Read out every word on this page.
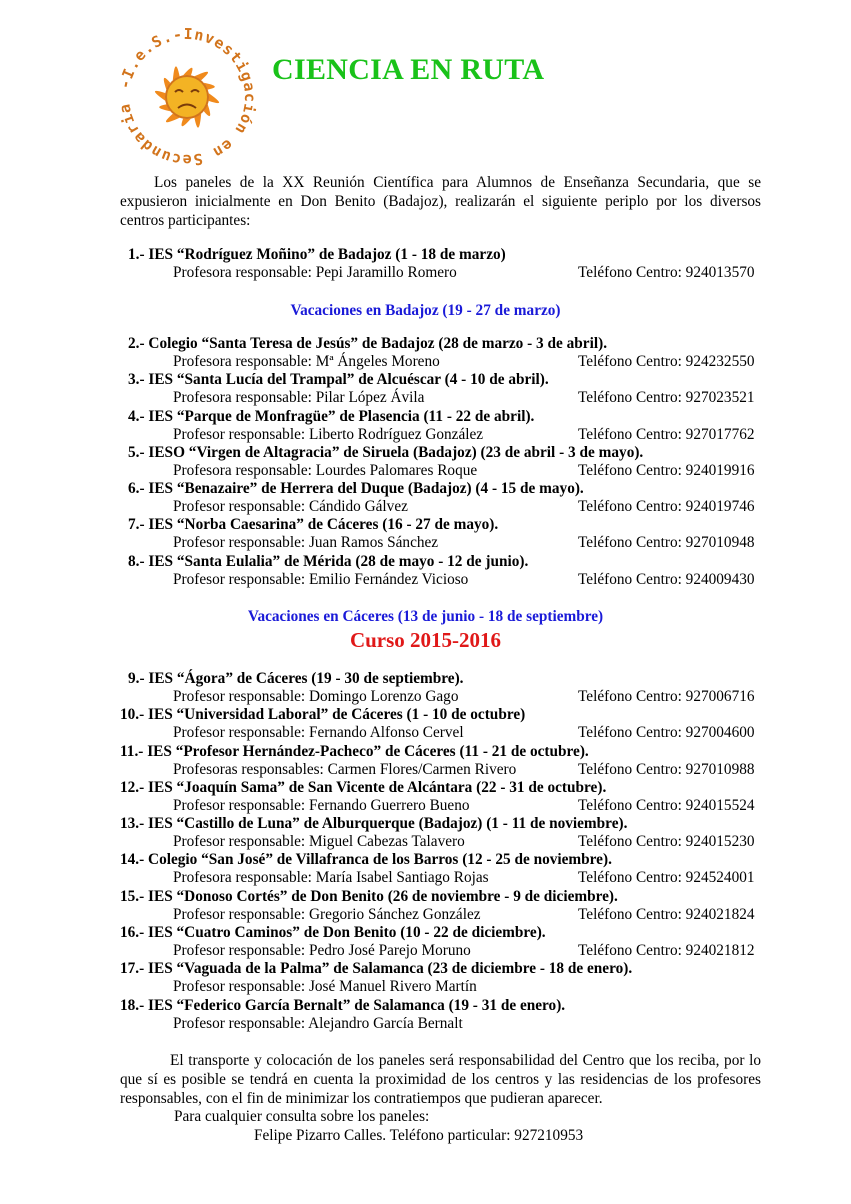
-I.e.S.-Investigación en Secundaria
CIENCIA EN RUTA
Los paneles de la XX Reunión Científica para Alumnos de Enseñanza Secundaria, que se expusieron inicialmente en Don Benito (Badajoz), realizarán el siguiente periplo por los diversos centros participantes:
1.- IES “Rodríguez Moñino” de Badajoz (1 - 18 de marzo)
Profesora responsable: Pepi Jaramillo Romero	Teléfono Centro: 924013570
Vacaciones en Badajoz (19 - 27 de marzo)
2.- Colegio “Santa Teresa de Jesús” de Badajoz (28 de marzo - 3 de abril).
Profesora responsable: Mª Ángeles Moreno	Teléfono Centro: 924232550
3.- IES “Santa Lucía del Trampal” de Alcuéscar (4 - 10 de abril).
Profesora responsable: Pilar López Ávila	Teléfono Centro: 927023521
4.- IES “Parque de Monfragüe” de Plasencia (11 - 22 de abril).
Profesor responsable: Liberto Rodríguez González	Teléfono Centro: 927017762
5.- IESO “Virgen de Altagracia” de Siruela (Badajoz) (23 de abril - 3 de mayo).
Profesora responsable: Lourdes Palomares Roque	Teléfono Centro: 924019916
6.- IES “Benazaire” de Herrera del Duque (Badajoz) (4 - 15 de mayo).
Profesor responsable: Cándido Gálvez	Teléfono Centro: 924019746
7.- IES “Norba Caesarina” de Cáceres (16 - 27 de mayo).
Profesor responsable: Juan Ramos Sánchez	Teléfono Centro: 927010948
8.- IES “Santa Eulalia” de Mérida (28 de mayo - 12 de junio).
Profesor responsable: Emilio Fernández Vicioso	Teléfono Centro: 924009430
Vacaciones en Cáceres (13 de junio - 18 de septiembre)
Curso 2015-2016
9.- IES “Ágora” de Cáceres (19 - 30 de septiembre).
Profesor responsable: Domingo Lorenzo Gago	Teléfono Centro: 927006716
10.- IES “Universidad Laboral” de Cáceres (1 - 10 de octubre)
Profesor responsable: Fernando Alfonso Cervel	Teléfono Centro: 927004600
11.- IES “Profesor Hernández-Pacheco” de Cáceres (11 - 21 de octubre).
Profesoras responsables: Carmen Flores/Carmen Rivero	Teléfono Centro: 927010988
12.- IES “Joaquín Sama” de San Vicente de Alcántara (22 - 31 de octubre).
Profesor responsable: Fernando Guerrero Bueno	Teléfono Centro: 924015524
13.- IES “Castillo de Luna” de Alburquerque (Badajoz) (1 - 11 de noviembre).
Profesor responsable: Miguel Cabezas Talavero	Teléfono Centro: 924015230
14.- Colegio “San José” de Villafranca de los Barros (12 - 25 de noviembre).
Profesora responsable: María Isabel Santiago Rojas	Teléfono Centro: 924524001
15.- IES “Donoso Cortés” de Don Benito (26 de noviembre - 9 de diciembre).
Profesor responsable: Gregorio Sánchez González	Teléfono Centro: 924021824
16.- IES “Cuatro Caminos” de Don Benito (10 - 22 de diciembre).
Profesor responsable: Pedro José Parejo Moruno	Teléfono Centro: 924021812
17.- IES “Vaguada de la Palma” de Salamanca (23 de diciembre - 18 de enero).
Profesor responsable: José Manuel Rivero Martín
18.- IES “Federico García Bernalt” de Salamanca (19 - 31 de enero).
Profesor responsable: Alejandro García Bernalt
El transporte y colocación de los paneles será responsabilidad del Centro que los reciba, por lo que sí es posible se tendrá en cuenta la proximidad de los centros y las residencias de los profesores responsables, con el fin de minimizar los contratiempos que pudieran aparecer.
Para cualquier consulta sobre los paneles:
Felipe Pizarro Calles. Teléfono particular: 927210953
